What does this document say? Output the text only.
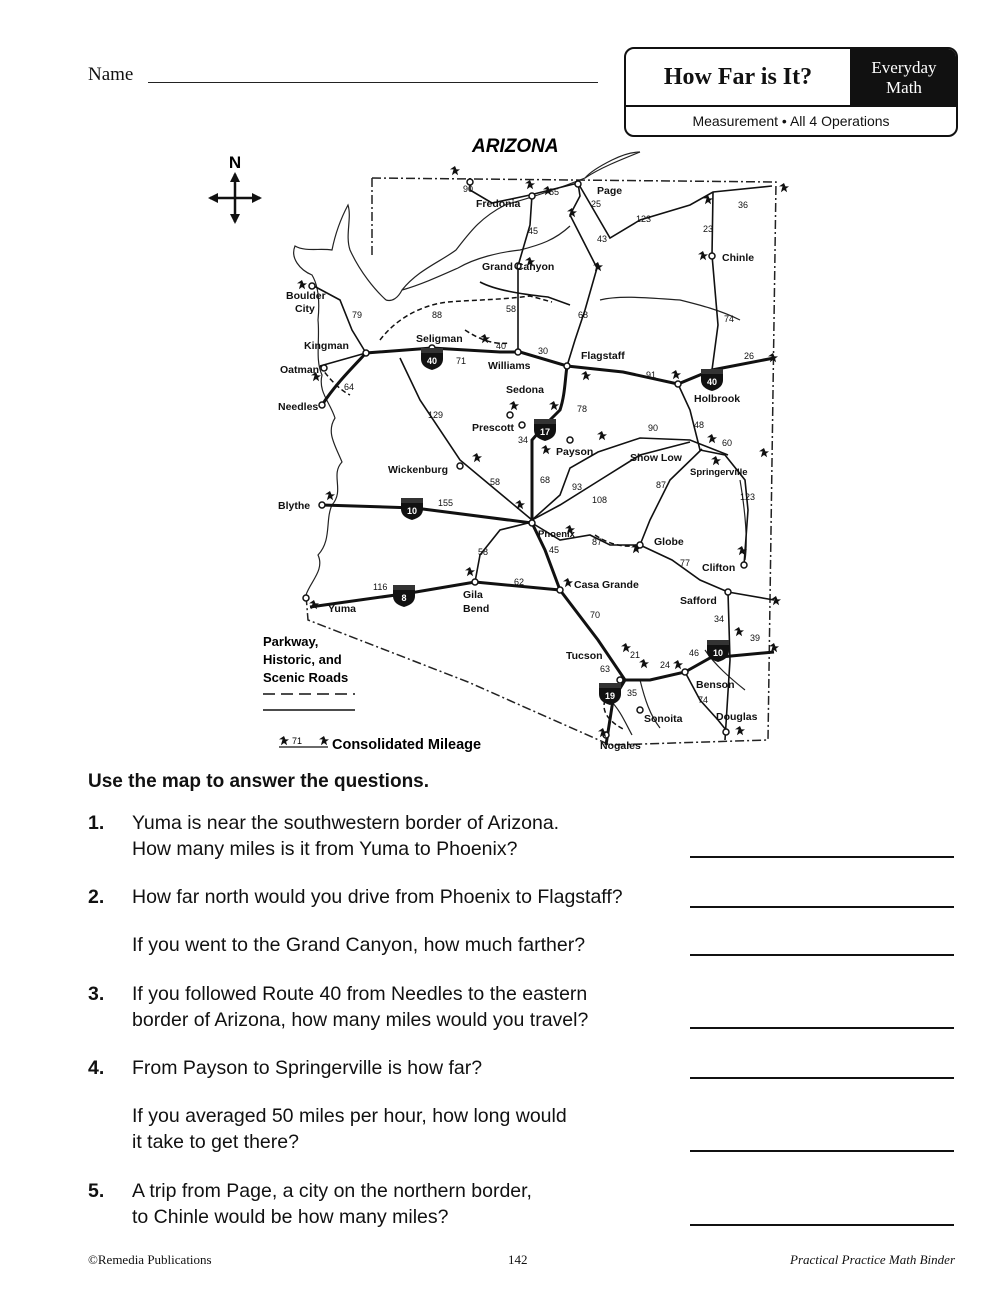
Name	How Far is It?	Everyday
Math
Measurement • All 4 Operations
N
ARIZONA
40
40
17
10
8
10
19
Page
Fredonia
Grand Canyon
Chinle
Boulder
City
Kingman
Oatman
Needles
Seligman
Williams
Flagstaff
Holbrook
Sedona
Prescott
Payson	Show Low
Springerville
Wickenburg
Blythe
Phoenix
Globe
Clifton
Safford
Casa Grande
Gila
Bend
Yuma
Tucson
Benson
Douglas
Sonoita
Nogales
90	55
25
45
123
36
43
23
88
58
68
79
40	30
71
91
26
64
74
78
129
48
34
90
60
58	68
93
108
87
123
155
87
77
45
58
62
116
70	34
39
21
24
46
35
74
63
Parkway,
Historic, and
Scenic Roads
71 Consolidated Mileage
Use the map to answer the questions.
1. Yuma is near the southwestern border of Arizona.
How many miles is it from Yuma to Phoenix?
2. How far north would you drive from Phoenix to Flagstaff?
If you went to the Grand Canyon, how much farther?
3. If you followed Route 40 from Needles to the eastern
border of Arizona, how many miles would you travel?
4. From Payson to Springerville is how far?
If you averaged 50 miles per hour, how long would
it take to get there?
5. A trip from Page, a city on the northern border,
to Chinle would be how many miles?
©Remedia Publications	142	Practical Practice Math Binder
